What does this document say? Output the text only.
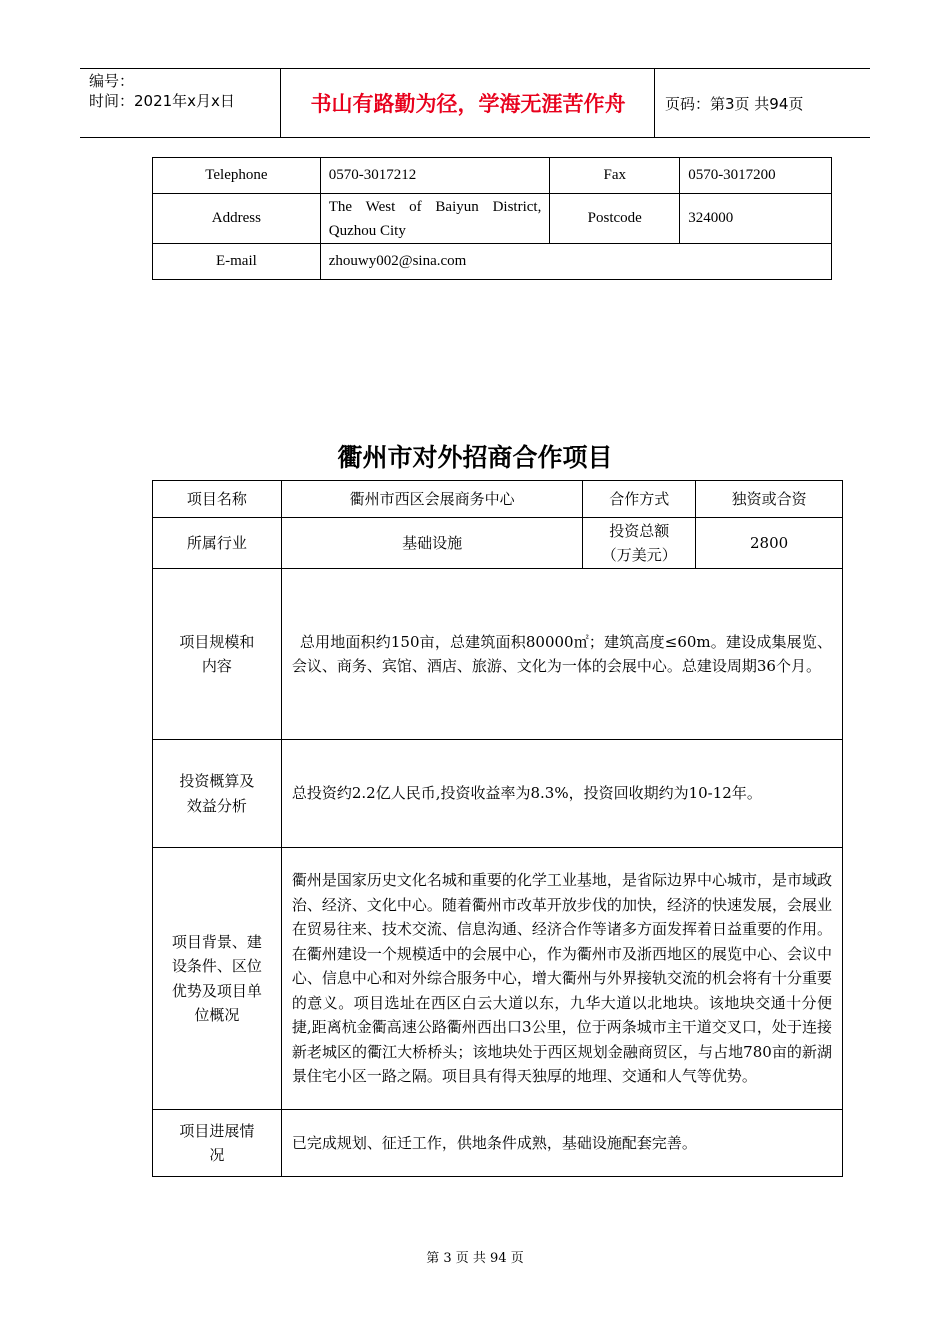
编号：
时间：2021年x月x日	书山有路勤为径，学海无涯苦作舟	页码：第3页 共94页
Telephone	0570-3017212	Fax	0570-3017200
Address	The West of Baiyun District, Quzhou City	Postcode	324000
E-mail	zhouwy002@sina.com		
衢州市对外招商合作项目
项目名称	衢州市西区会展商务中心	合作方式	独资或合资
所属行业	基础设施	投资总额（万美元）	2800
项目规模和内容	总用地面积约150亩，总建筑面积80000㎡；建筑高度≤60m。建设成集展览、会议、商务、宾馆、酒店、旅游、文化为一体的会展中心。总建设周期36个月。		
投资概算及效益分析	总投资约2.2亿人民币,投资收益率为8.3%，投资回收期约为10-12年。		
项目背景、建设条件、区位优势及项目单位概况	衢州是国家历史文化名城和重要的化学工业基地，是省际边界中心城市，是市域政治、经济、文化中心。随着衢州市改革开放步伐的加快，经济的快速发展，会展业在贸易往来、技术交流、信息沟通、经济合作等诸多方面发挥着日益重要的作用。在衢州建设一个规模适中的会展中心，作为衢州市及浙西地区的展览中心、会议中心、信息中心和对外综合服务中心，增大衢州与外界接轨交流的机会将有十分重要的意义。项目选址在西区白云大道以东，九华大道以北地块。该地块交通十分便捷,距离杭金衢高速公路衢州西出口3公里，位于两条城市主干道交叉口，处于连接新老城区的衢江大桥桥头；该地块处于西区规划金融商贸区，与占地780亩的新湖景住宅小区一路之隔。项目具有得天独厚的地理、交通和人气等优势。		
项目进展情况	已完成规划、征迁工作，供地条件成熟，基础设施配套完善。		
第 3 页 共 94 页
